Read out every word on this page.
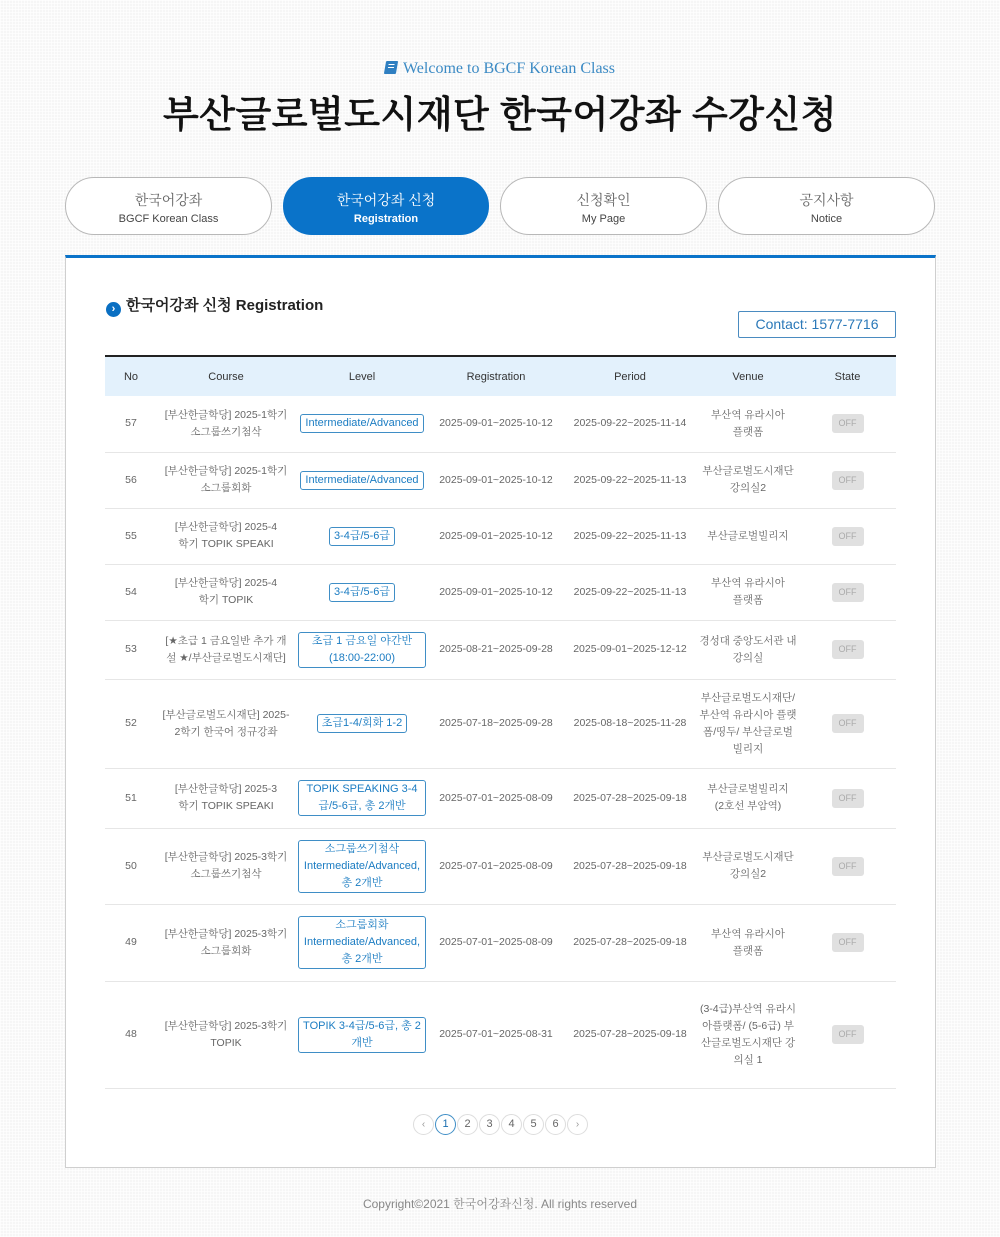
Welcome to BGCF Korean Class
부산글로벌도시재단 한국어강좌 수강신청
한국어강좌
BGCF Korean Class
한국어강좌 신청
Registration
신청확인
My Page
공지사항
Notice
› 한국어강좌 신청 Registration
Contact: 1577-7716
No	Course	Level	Registration	Period	Venue	State
57	[부산한글학당] 2025-1학기 소그룹쓰기첨삭	Intermediate/Advanced	2025-09-01~2025-10-12	2025-09-22~2025-11-14	부산역 유라시아플랫폼	OFF
56	[부산한글학당] 2025-1학기 소그룹회화	Intermediate/Advanced	2025-09-01~2025-10-12	2025-09-22~2025-11-13	부산글로벌도시재단 강의실2	OFF
55	[부산한글학당] 2025-4학기 TOPIK SPEAKI	3-4급/5-6급	2025-09-01~2025-10-12	2025-09-22~2025-11-13	부산글로벌빌리지	OFF
54	[부산한글학당] 2025-4학기 TOPIK	3-4급/5-6급	2025-09-01~2025-10-12	2025-09-22~2025-11-13	부산역 유라시아플랫폼	OFF
53	[★초급 1 금요일반 추가 개설 ★/부산글로벌도시재단]	초급 1 금요일 야간반 (18:00-22:00)	2025-08-21~2025-09-28	2025-09-01~2025-12-12	경성대 중앙도서관 내 강의실	OFF
52	[부산글로벌도시재단] 2025-2학기 한국어 정규강좌	초급1-4/회화 1-2	2025-07-18~2025-09-28	2025-08-18~2025-11-28	부산글로벌도시재단/ 부산역 유라시아 플랫폼/띵두/ 부산글로벌빌리지	OFF
51	[부산한글학당] 2025-3학기 TOPIK SPEAKI	TOPIK SPEAKING 3-4급/5-6급, 총 2개반	2025-07-01~2025-08-09	2025-07-28~2025-09-18	부산글로벌빌리지 (2호선 부암역)	OFF
50	[부산한글학당] 2025-3학기 소그룹쓰기첨삭	소그룹쓰기첨삭 Intermediate/Advanced, 총 2개반	2025-07-01~2025-08-09	2025-07-28~2025-09-18	부산글로벌도시재단 강의실2	OFF
49	[부산한글학당] 2025-3학기 소그룹회화	소그룹회화 Intermediate/Advanced, 총 2개반	2025-07-01~2025-08-09	2025-07-28~2025-09-18	부산역 유라시아플랫폼	OFF
48	[부산한글학당] 2025-3학기 TOPIK	TOPIK 3-4급/5-6급, 총 2개반	2025-07-01~2025-08-31	2025-07-28~2025-09-18	(3-4급)부산역 유라시아플랫폼/ (5-6급) 부산글로벌도시재단 강의실 1	OFF
‹ 1 2 3 4 5 6 ›
Copyright©2021 한국어강좌신청. All rights reserved
